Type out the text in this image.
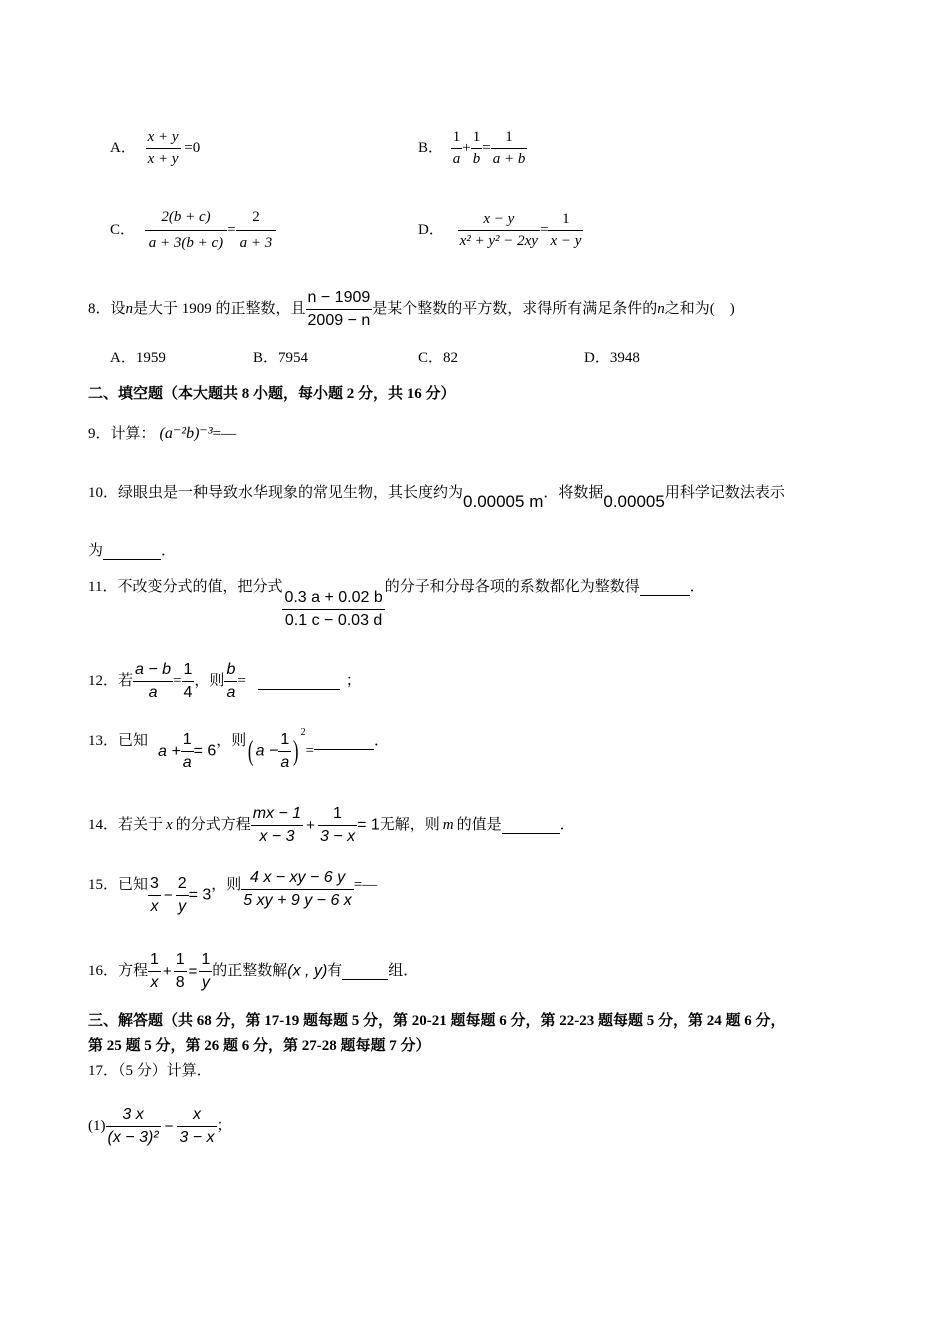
A． $\frac{x + y}{x + y} =0$	B． $\frac{1}{a} + \frac{1}{b} = \frac{1}{a + b}$
C． $\frac{2(b + c)}{a + 3(b + c)} = \frac{2}{a + 3}$	D． $\frac{x - y}{\text{x² + y² − 2xy}} = \frac{1}{x - y}$
8．设n是大于 1909 的正整数，且 $\frac{n - 1909}{2009 - n}$ 是某个整数的平方数，求得所有满足条件的n之和为(　)
A．1959	B．7954	C．82	D．3948
二、填空题（本大题共 8 小题，每小题 2 分，共 16 分）
9．计算： (a⁻²b)⁻³=—
10．绿眼虫是一种导致水华现象的常见生物，其长度约为0.00005 m．将数据0.00005用科学记数法表示
为	．
11．不改变分式的值，把分式
$\frac{0.3 a + 0.02 b}{0.1 c - 0.03 d}$
的分子和分母各项的系数都化为整数得	．
12．若 $\frac{a - b}{a} = \frac{1}{4}$ ，则 $\frac{b}{a}$ =	；
13．已知$a + \frac{1}{a} = 6$，则( $a - \frac{1}{a} )^2=$ ．
14．若关于 x 的分式方程 $\frac{mx - 1}{x - 3} + \frac{1}{3 - x} = 1$无解，则 m 的值是	．
15．已知 $\frac{3}{x} - \frac{2}{y} = 3$，则 $\frac{4 x - xy - 6 y}{5 xy + 9 y - 6 x}$ =—
16．方程 $\frac{1}{x} + \frac{1}{8} = \frac{1}{y}$ 的正整数解(x , y)有	组．
三、解答题（共 68 分，第 17-19 题每题 5 分，第 20-21 题每题 6 分，第 22-23 题每题 5 分，第 24 题 6 分，
第 25 题 5 分，第 26 题 6 分，第 27-28 题每题 7 分）
17．（5 分）计算．
$(1) \frac{3 x}{\text{(x − 3)²}} - \frac{x}{3 - x}$ ；
